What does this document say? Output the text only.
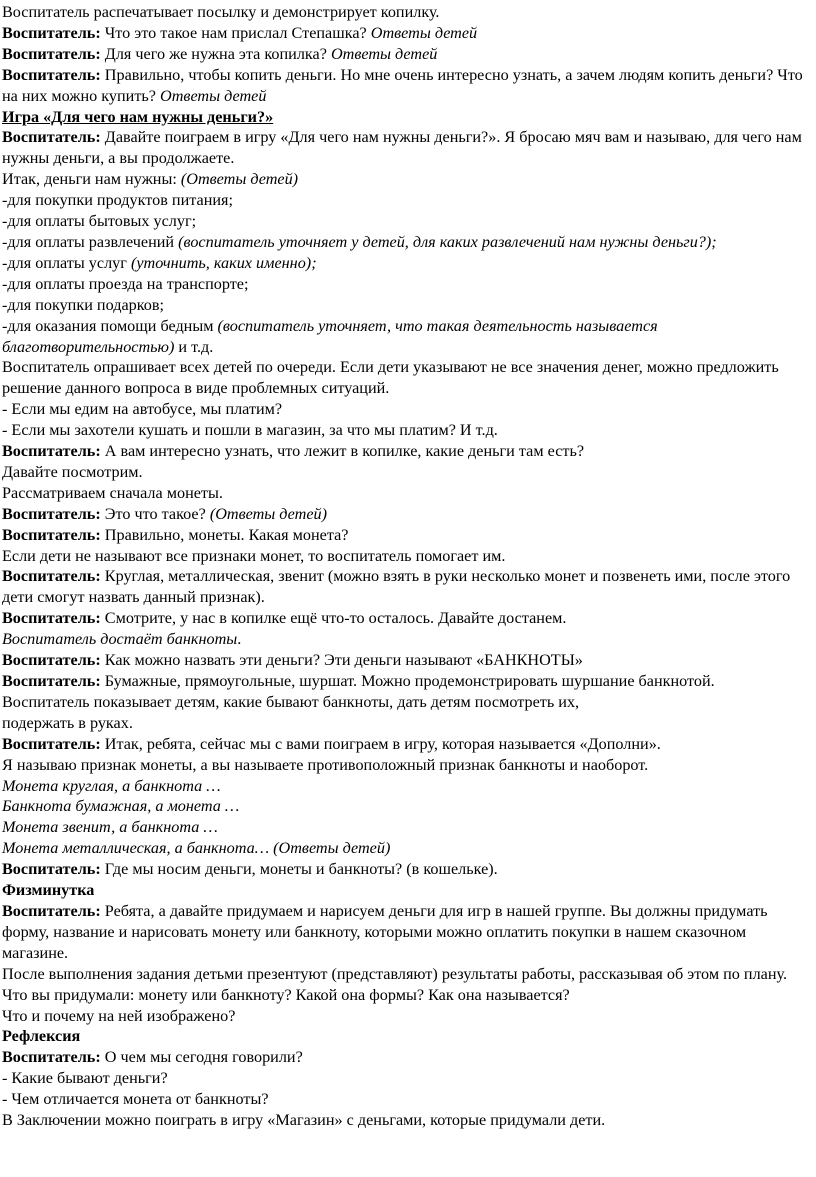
Воспитатель распечатывает посылку и демонстрирует копилку.

Воспитатель: Что это такое нам прислал Степашка? Ответы детей

Воспитатель: Для чего же нужна эта копилка? Ответы детей

Воспитатель: Правильно, чтобы копить деньги. Но мне очень интересно узнать, а зачем людям копить деньги? Что на них можно купить? Ответы детей

Игра «Для чего нам нужны деньги?»

Воспитатель: Давайте поиграем в игру «Для чего нам нужны деньги?». Я бросаю мяч вам и называю, для чего нам нужны деньги, а вы продолжаете.

Итак, деньги нам нужны: (Ответы детей)

-для покупки продуктов питания;

-для оплаты бытовых услуг;

-для оплаты развлечений (воспитатель уточняет у детей, для каких развлечений нам нужны деньги?);

-для оплаты услуг (уточнить, каких именно);

-для оплаты проезда на транспорте;

-для покупки подарков;

-для оказания помощи бедным (воспитатель уточняет, что такая деятельность называется благотворительностью) и т.д.

Воспитатель опрашивает всех детей по очереди. Если дети указывают не все значения денег, можно предложить решение данного вопроса в виде проблемных ситуаций.

- Если мы едим на автобусе, мы платим?

- Если мы захотели кушать и пошли в магазин, за что мы платим? И т.д.

Воспитатель: А вам интересно узнать, что лежит в копилке, какие деньги там есть?

Давайте посмотрим.

Рассматриваем сначала монеты.

Воспитатель: Это что такое? (Ответы детей)

Воспитатель: Правильно, монеты. Какая монета?

Если дети не называют все признаки монет, то воспитатель помогает им.

Воспитатель: Круглая, металлическая, звенит (можно взять в руки несколько монет и позвенеть ими, после этого дети смогут назвать данный признак).

Воспитатель: Смотрите, у нас в копилке ещё что-то осталось. Давайте достанем.

Воспитатель достаёт банкноты.

Воспитатель: Как можно назвать эти деньги? Эти деньги называют «БАНКНОТЫ»

Воспитатель: Бумажные, прямоугольные, шуршат. Можно продемонстрировать шуршание банкнотой.

Воспитатель показывает детям, какие бывают банкноты, дать детям посмотреть их,

подержать в руках.

Воспитатель: Итак, ребята, сейчас мы с вами поиграем в игру, которая называется «Дополни».

Я называю признак монеты, а вы называете противоположный признак банкноты и наоборот.

Монета круглая, а банкнота …

Банкнота бумажная, а монета …

Монета звенит, а банкнота …

Монета металлическая, а банкнота… (Ответы детей)

Воспитатель: Где мы носим деньги, монеты и банкноты? (в кошельке).

Физминутка

Воспитатель: Ребята, а давайте придумаем и нарисуем деньги для игр в нашей группе. Вы должны придумать форму, название и нарисовать монету или банкноту, которыми можно оплатить покупки в нашем сказочном магазине.

После выполнения задания детьми презентуют (представляют) результаты работы, рассказывая об этом по плану.

Что вы придумали: монету или банкноту? Какой она формы? Как она называется?

Что и почему на ней изображено?

Рефлексия

Воспитатель: О чем мы сегодня говорили?

- Какие бывают деньги?

- Чем отличается монета от банкноты?

В Заключении можно поиграть в игру «Магазин» с деньгами, которые придумали дети.
